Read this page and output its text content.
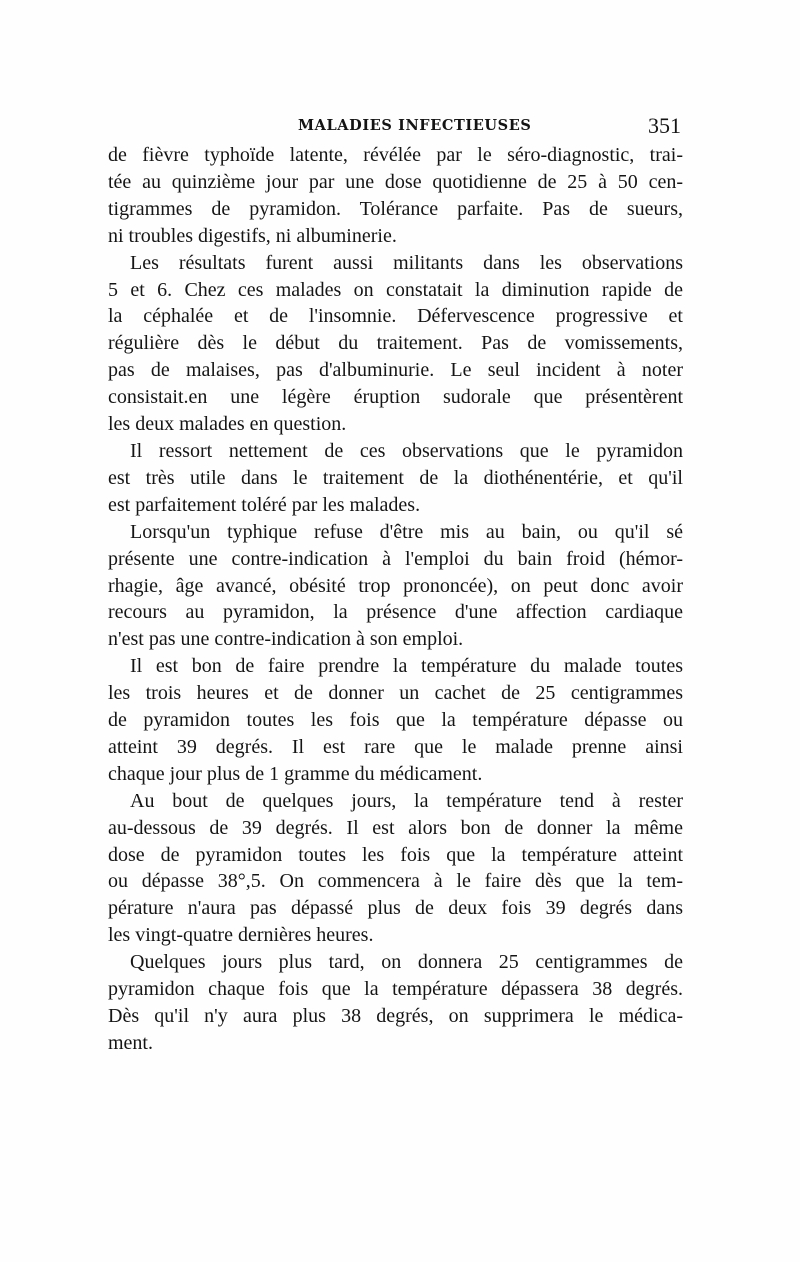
MALADIES INFECTIEUSES	351
de fièvre typhoïde latente, révélée par le séro-diagnostic, trai-
tée au quinzième jour par une dose quotidienne de 25 à 50 cen-
tigrammes de pyramidon. Tolérance parfaite. Pas de sueurs,
ni troubles digestifs, ni albuminerie.
Les résultats furent aussi militants dans les observations
5 et 6. Chez ces malades on constatait la diminution rapide de
la céphalée et de l'insomnie. Défervescence progressive et
régulière dès le début du traitement. Pas de vomissements,
pas de malaises, pas d'albuminurie. Le seul incident à noter
consistait.en une légère éruption sudorale que présentèrent
les deux malades en question.
Il ressort nettement de ces observations que le pyramidon
est très utile dans le traitement de la diothénentérie, et qu'il
est parfaitement toléré par les malades.
Lorsqu'un typhique refuse d'être mis au bain, ou qu'il sé
présente une contre-indication à l'emploi du bain froid (hémor-
rhagie, âge avancé, obésité trop prononcée), on peut donc avoir
recours au pyramidon, la présence d'une affection cardiaque
n'est pas une contre-indication à son emploi.
Il est bon de faire prendre la température du malade toutes
les trois heures et de donner un cachet de 25 centigrammes
de pyramidon toutes les fois que la température dépasse ou
atteint 39 degrés. Il est rare que le malade prenne ainsi
chaque jour plus de 1 gramme du médicament.
Au bout de quelques jours, la température tend à rester
au-dessous de 39 degrés. Il est alors bon de donner la même
dose de pyramidon toutes les fois que la température atteint
ou dépasse 38°,5. On commencera à le faire dès que la tem-
pérature n'aura pas dépassé plus de deux fois 39 degrés dans
les vingt-quatre dernières heures.
Quelques jours plus tard, on donnera 25 centigrammes de
pyramidon chaque fois que la température dépassera 38 degrés.
Dès qu'il n'y aura plus 38 degrés, on supprimera le médica-
ment.
